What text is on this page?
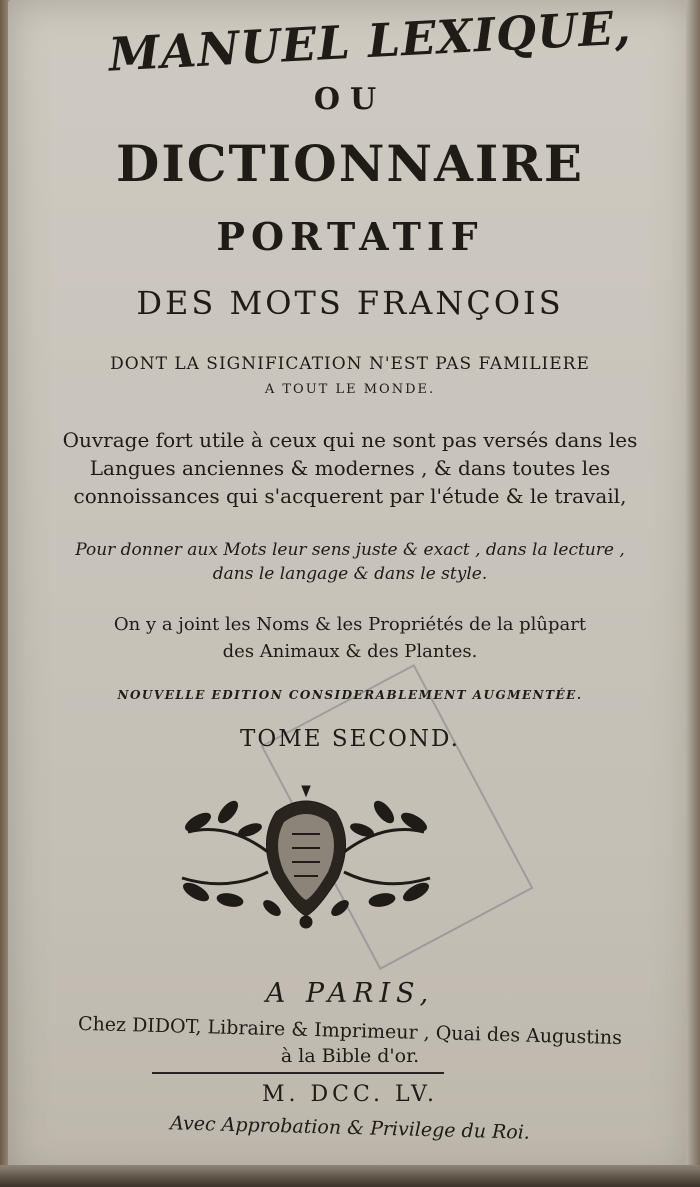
MANUEL LEXIQUE,
OU
DICTIONNAIRE
PORTATIF
DES MOTS FRANÇOIS
DONT LA SIGNIFICATION N'EST PAS FAMILIERE
A TOUT LE MONDE.
Ouvrage fort utile à ceux qui ne sont pas versés dans les
Langues anciennes & modernes , & dans toutes les
connoissances qui s'acquerent par l'étude & le travail,
Pour donner aux Mots leur sens juste & exact , dans la lecture ,
dans le langage & dans le style.
On y a joint les Noms & les Propriétés de la plûpart
des Animaux & des Plantes.
NOUVELLE EDITION CONSIDERABLEMENT AUGMENTÉE.
TOME SECOND.
A PARIS,
Chez DIDOT, Libraire & Imprimeur , Quai des Augustins
à la Bible d'or.
M. DCC. LV.
Avec Approbation & Privilege du Roi.
